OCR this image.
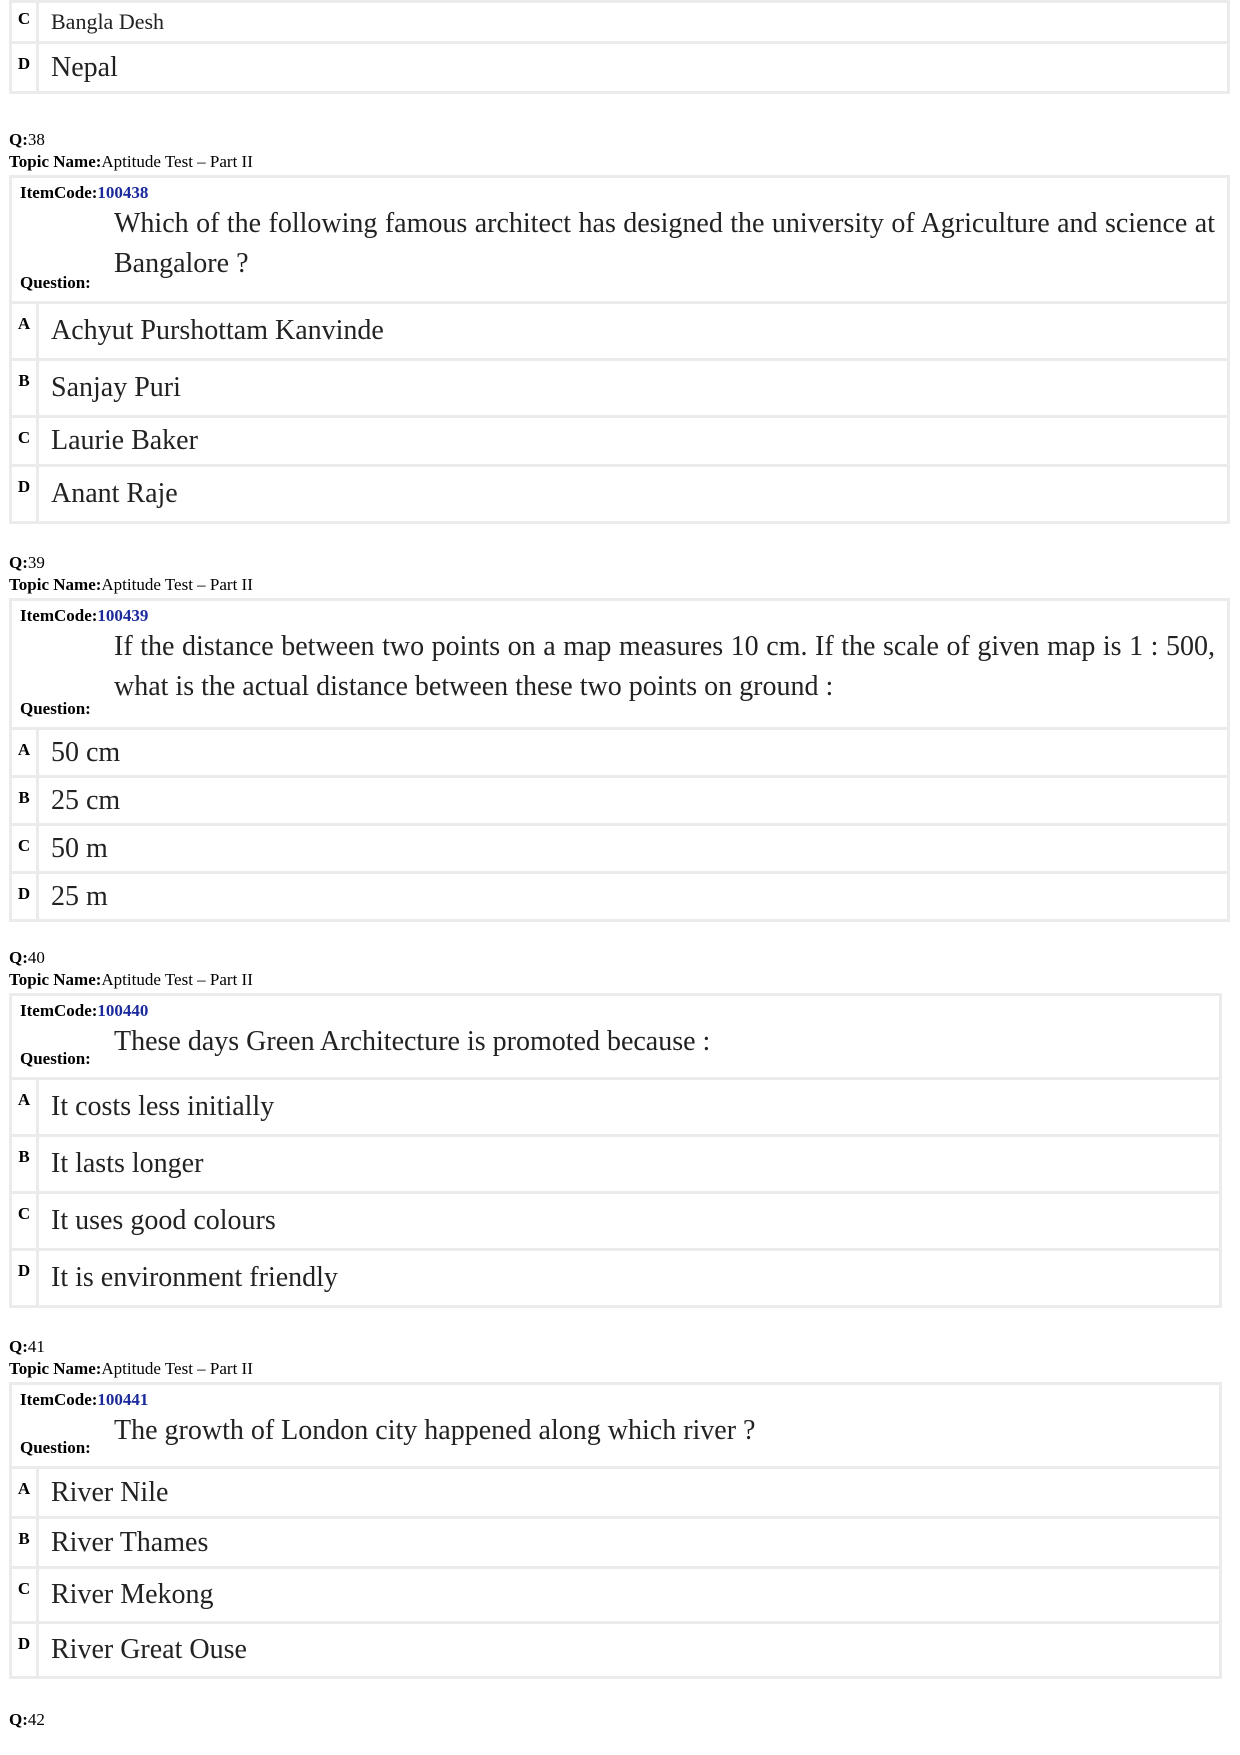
C Bangla Desh
D Nepal
Q:38
Topic Name:Aptitude Test – Part II
ItemCode:100438
Which of the following famous architect has designed the university of Agriculture and science at Bangalore ?
Question:
A Achyut Purshottam Kanvinde
B Sanjay Puri
C Laurie Baker
D Anant Raje
Q:39
Topic Name:Aptitude Test – Part II
ItemCode:100439
If the distance between two points on a map measures 10 cm. If the scale of given map is 1 : 500, what is the actual distance between these two points on ground :
Question:
A 50 cm
B 25 cm
C 50 m
D 25 m
Q:40
Topic Name:Aptitude Test – Part II
ItemCode:100440
These days Green Architecture is promoted because :
Question:
A It costs less initially
B It lasts longer
C It uses good colours
D It is environment friendly
Q:41
Topic Name:Aptitude Test – Part II
ItemCode:100441
The growth of London city happened along which river ?
Question:
A River Nile
B River Thames
C River Mekong
D River Great Ouse
Q:42
